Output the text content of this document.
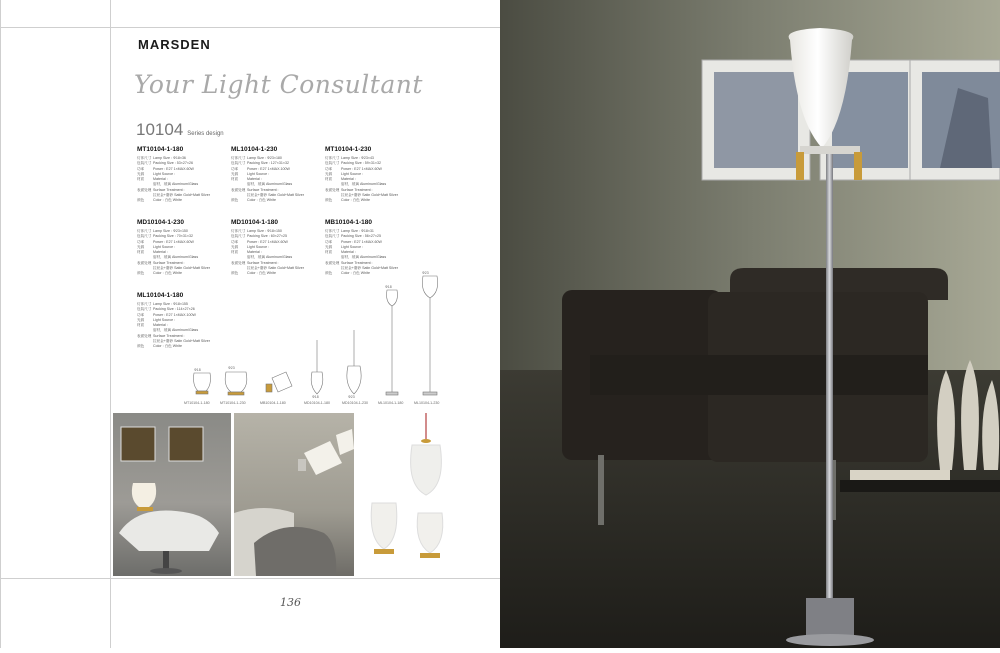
MARSDEN
Your Light Consultant
10104 Series design
MT10104-1-180
灯体尺寸 Lamp Size : Φ18×36
包装尺寸 Packing Size : 53×27×26
功率 Power : E27 1×MAX.60W
光源 Light Source :
材质 Material :
厨材，玻璃 Aluminum/Glass
表面处理 Surface Treatment :
拉丝金+磨砂 Satin Gold+Matt Silver
颜色 Color : 白色 White
ML10104-1-230
灯体尺寸 Lamp Size : Φ23×180
包装尺寸 Packing Size : 127×31×32
功率 Power : E27 1×MAX.100W
光源 Light Source :
材质 Material :
厨材，玻璃 Aluminum/Glass
表面处理 Surface Treatment :
拉丝金+磨砂 Satin Gold+Matt Silver
颜色 Color : 白色 White
MT10104-1-230
灯体尺寸 Lamp Size : Φ23×43
包装尺寸 Packing Size : 59×31×32
功率 Power : E27 1×MAX.60W
光源 Light Source :
材质 Material :
厨材，玻璃 Aluminum/Glass
表面处理 Surface Treatment :
拉丝金+磨砂 Satin Gold+Matt Silver
颜色 Color : 白色 White
MD10104-1-230
灯体尺寸 Lamp Size : Φ23×150
包装尺寸 Packing Size : 70×31×32
功率 Power : E27 1×MAX.60W
光源 Light Source :
材质 Material :
厨材，玻璃 Aluminum/Glass
表面处理 Surface Treatment :
拉丝金+磨砂 Satin Gold+Matt Silver
颜色 Color : 白色 White
MD10104-1-180
灯体尺寸 Lamp Size : Φ18×150
包装尺寸 Packing Size : 60×27×25
功率 Power : E27 1×MAX.60W
光源 Light Source :
材质 Material :
厨材，玻璃 Aluminum/Glass
表面处理 Surface Treatment :
拉丝金+磨砂 Satin Gold+Matt Silver
颜色 Color : 白色 White
MB10104-1-180
灯体尺寸 Lamp Size : Φ18×31
包装尺寸 Packing Size : 56×27×25
功率 Power : E27 1×MAX.60W
光源 Light Source :
材质 Material :
厨材，玻璃 Aluminum/Glass
表面处理 Surface Treatment :
拉丝金+磨砂 Satin Gold+Matt Silver
颜色 Color : 白色 White
ML10104-1-180
灯体尺寸 Lamp Size : Φ18×155
包装尺寸 Packing Size : 114×27×26
功率 Power : E27 1×MAX.100W
光源 Light Source :
材质 Material :
厨材，玻璃 Aluminum/Glass
表面处理 Surface Treatment :
拉丝金+磨砂 Satin Gold+Matt Silver
颜色 Color : 白色 White
Φ18	Φ23
Φ18	Φ23
Φ18
Φ23
MT10104-1-180	MT10104-1-230	MB10104-1-180	MD10104-1-180	MD10104-1-230	ML10104-1-180	ML10104-1-230
136
